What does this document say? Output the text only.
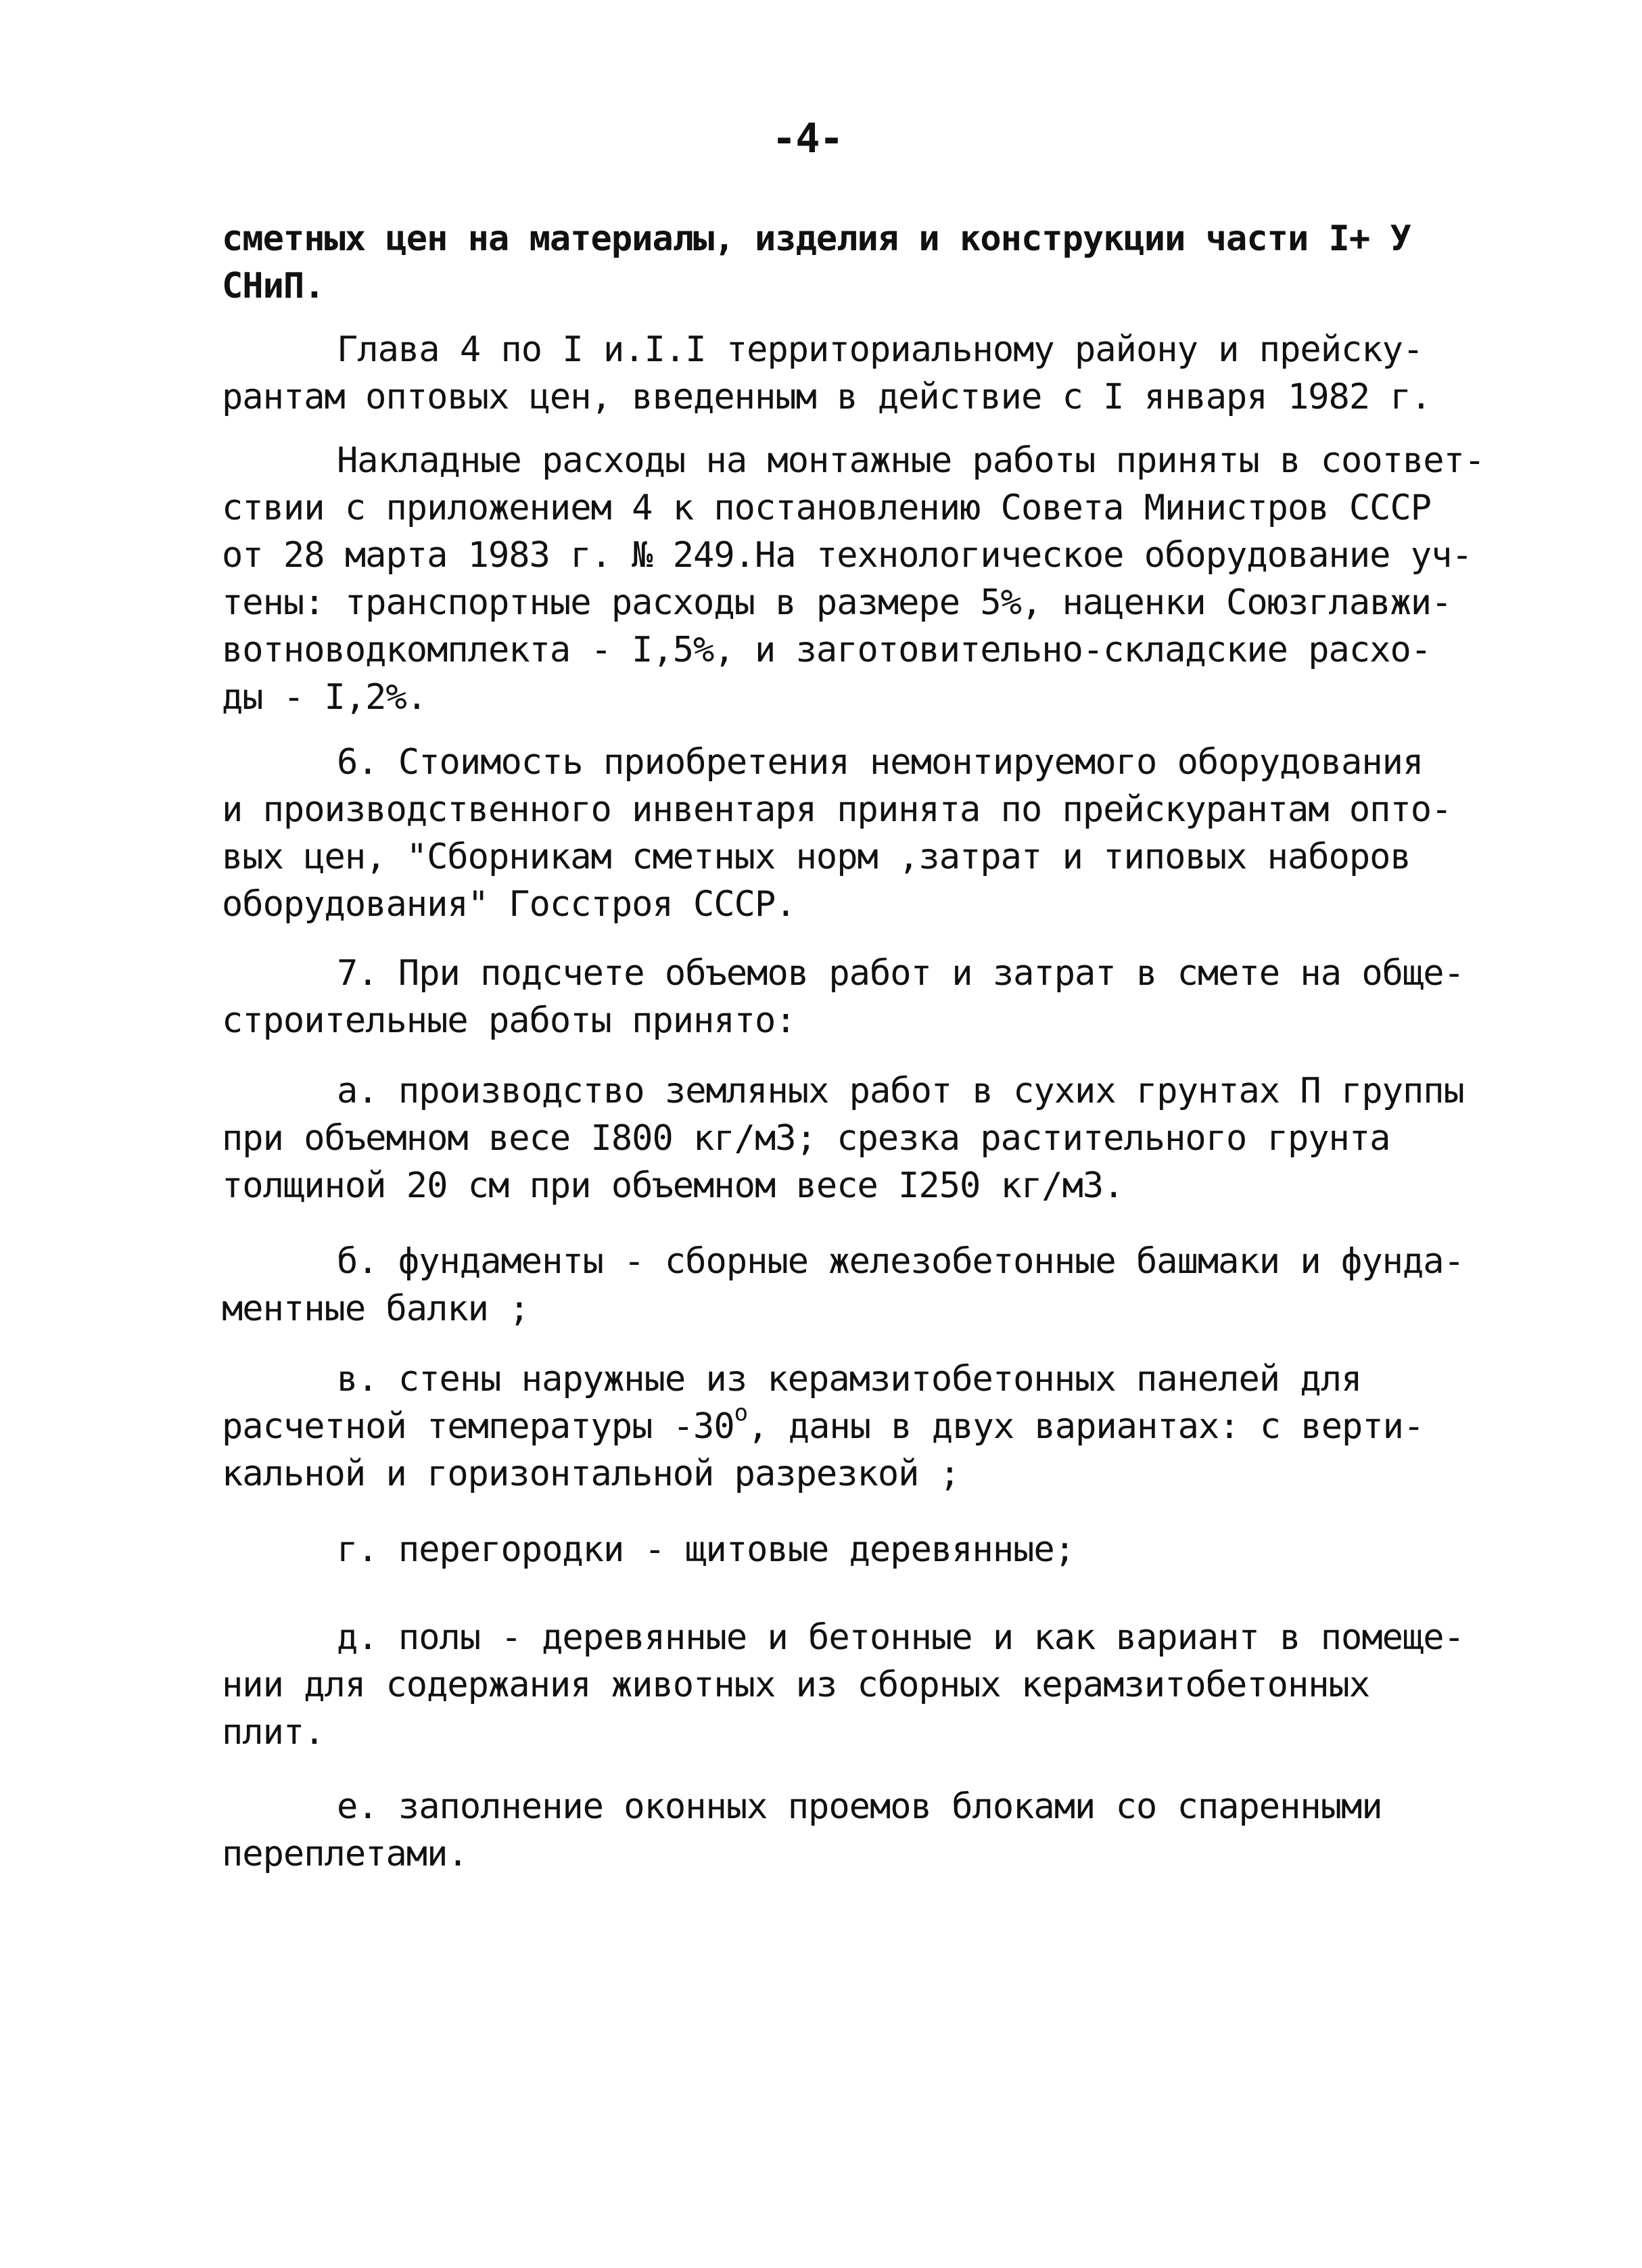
-4-
сметных цен на материалы, изделия и конструкции части I+ У
СНиП.
Глава 4 по I и.I.I территориальному району и прейску-
рантам оптовых цен, введенным в действие с I января 1982 г.
Накладные расходы на монтажные работы приняты в соответ-
ствии с приложением 4 к постановлению Совета Министров СССР
от 28 марта 1983 г. № 249.На технологическое оборудование уч-
тены: транспортные расходы в размере 5%, наценки Союзглавжи-
вотноводкомплекта - I,5%, и заготовительно-складские расхо-
ды - I,2%.
6. Стоимость приобретения немонтируемого оборудования
и производственного инвентаря принята по прейскурантам опто-
вых цен, "Сборникам сметных норм ,затрат и типовых наборов
оборудования" Госстроя СССР.
7. При подсчете объемов работ и затрат в смете на обще-
строительные работы принято:
а. производство земляных работ в сухих грунтах П группы
при объемном весе I800 кг/м3; срезка растительного грунта
толщиной 20 см при объемном весе I250 кг/м3.
б. фундаменты - сборные железобетонные башмаки и фунда-
ментные балки ;
в. стены наружные из керамзитобетонных панелей для
расчетной температуры $-30^о$, даны в двух вариантах: с верти-
кальной и горизонтальной разрезкой ;
г. перегородки - щитовые деревянные;
д. полы - деревянные и бетонные и как вариант в помеще-
нии для содержания животных из сборных керамзитобетонных
плит.
е. заполнение оконных проемов блоками со спаренными
переплетами.
